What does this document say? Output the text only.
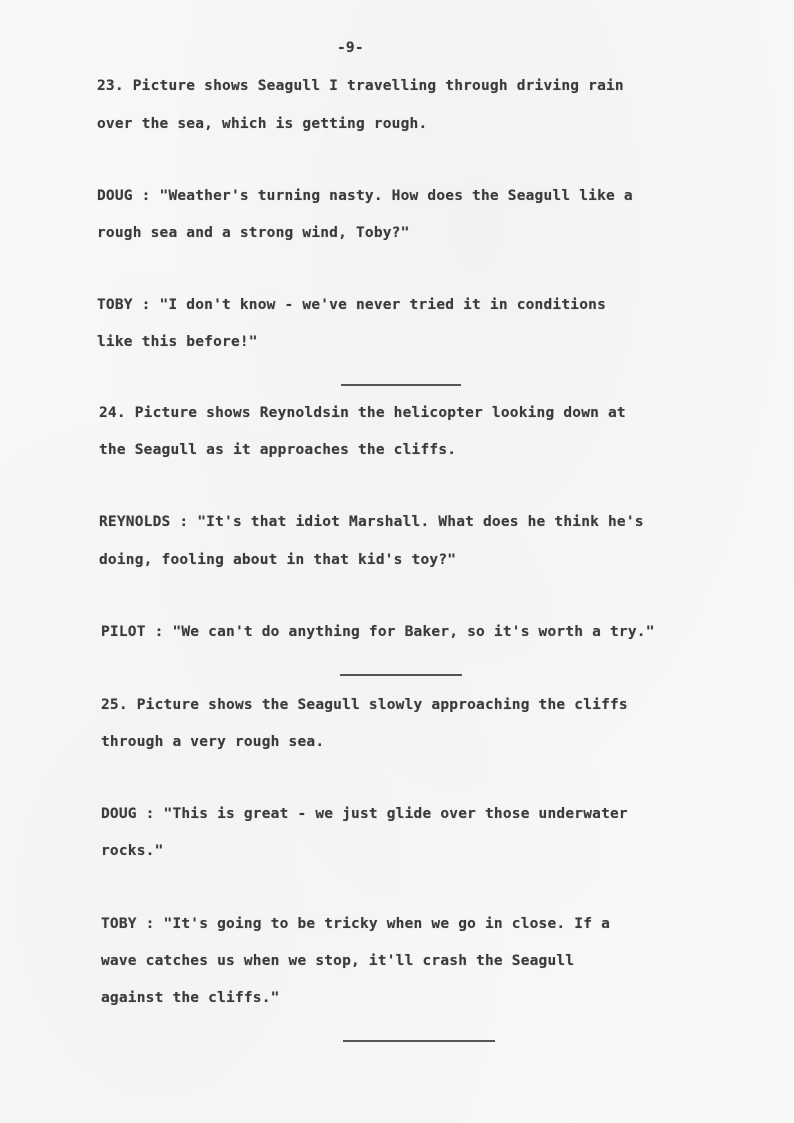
-9-
23. Picture shows Seagull I travelling through driving rain
over the sea, which is getting rough.
DOUG : "Weather's turning nasty. How does the Seagull like a
rough sea and a strong wind, Toby?"
TOBY : "I don't know - we've never tried it in conditions
like this before!"
24. Picture shows Reynoldsin the helicopter looking down at
the Seagull as it approaches the cliffs.
REYNOLDS : "It's that idiot Marshall. What does he think he's
doing, fooling about in that kid's toy?"
PILOT : "We can't do anything for Baker, so it's worth a try."
25. Picture shows the Seagull slowly approaching the cliffs
through a very rough sea.
DOUG : "This is great - we just glide over those underwater
rocks."
TOBY : "It's going to be tricky when we go in close. If a
wave catches us when we stop, it'll crash the Seagull
against the cliffs."
